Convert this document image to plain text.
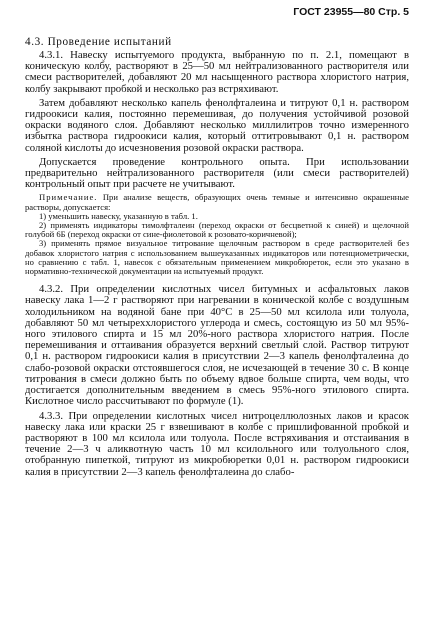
ГОСТ 23955—80 Стр. 5
4.3. Проведение испытаний

4.3.1. Навеску испытуемого продукта, выбранную по п. 2.1, помещают в коническую колбу, растворяют в 25—50 мл нейтрализованного растворителя или смеси растворителей, добавляют 20 мл насыщенного раствора хлористого натрия, колбу закрывают пробкой и несколько раз встряхивают.

Затем добавляют несколько капель фенолфталеина и титруют 0,1 н. раствором гидроокиси калия, постоянно перемешивая, до получения устойчивой розовой окраски водяного слоя. Добавляют несколько миллилитров точно измеренного избытка раствора гидроокиси калия, который оттитровывают 0,1 н. раствором соляной кислоты до исчезновения розовой окраски раствора.

Допускается проведение контрольного опыта. При использовании предварительно нейтрализованного растворителя (или смеси растворителей) контрольный опыт при расчете не учитывают.

Примечание. При анализе веществ, образующих очень темные и интенсивно окрашенные растворы, допускается:

1) уменьшить навеску, указанную в табл. 1.

2) применять индикаторы тимолфталеин (переход окраски от бесцветной к синей) и щелочной голубой 6Б (переход окраски от сине-фиолетовой к розовато-коричневой);

3) применять прямое визуальное титрование щелочным раствором в среде растворителей без добавок хлористого натрия с использованием вышеуказанных индикаторов или потенциометрически, но сравнению с табл. 1, навесок с обязательным применением микробюреток, если это указано в нормативно-технической документации на испытуемый продукт.

4.3.2. При определении кислотных чисел битумных и асфальтовых лаков навеску лака 1—2 г растворяют при нагревании в конической колбе с воздушным холодильником на водяной бане при 40°С в 25—50 мл ксилола или толуола, добавляют 50 мл четыреххлористого углерода и смесь, состоящую из 50 мл 95%-ного этилового спирта и 15 мл 20%-ного раствора хлористого натрия. После перемешивания и оттаивания образуется верхний светлый слой. Раствор титруют 0,1 н. раствором гидроокиси калия в присутствии 2—3 капель фенолфталеина до слабо-розовой окраски отстоявшегося слоя, не исчезающей в течение 30 с. В конце титрования в смеси должно быть по объему вдвое больше спирта, чем воды, что достигается дополнительным введением в смесь 95%-ного этилового спирта. Кислотное число рассчитывают по формуле (1).

4.3.3. При определении кислотных чисел нитроцеллюлозных лаков и красок навеску лака или краски 25 г взвешивают в колбе с пришлифованной пробкой и растворяют в 100 мл ксилола или толуола. После встряхивания и отстаивания в течение 2—3 ч аликвотную часть 10 мл ксилольного или толуольного слоя, отобранную пипеткой, титруют из микробюретки 0,01 н. раствором гидроокиси калия в присутствии 2—3 капель фенолфталеина до слабо-
